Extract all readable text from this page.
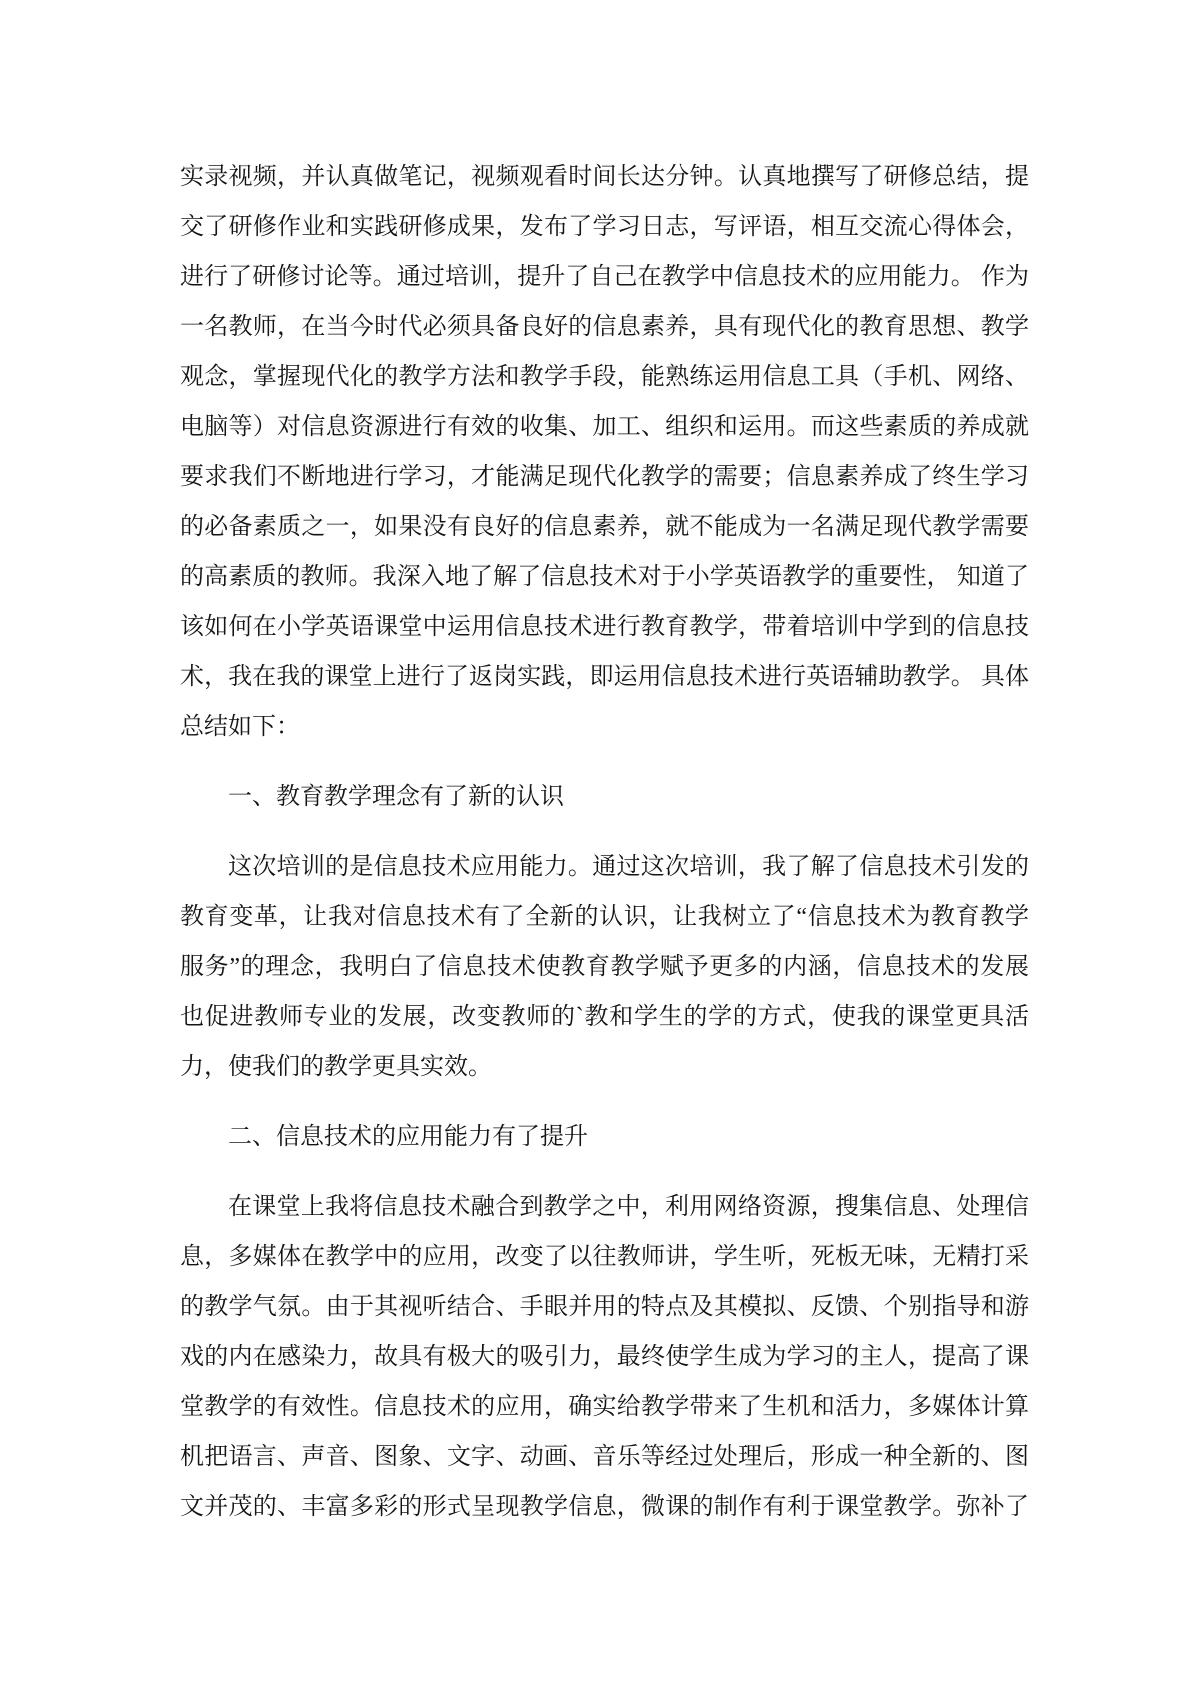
实录视频，并认真做笔记，视频观看时间长达分钟。认真地撰写了研修总结，提
交了研修作业和实践研修成果，发布了学习日志，写评语，相互交流心得体会，
进行了研修讨论等。通过培训，提升了自己在教学中信息技术的应用能力。 作为
一名教师，在当今时代必须具备良好的信息素养，具有现代化的教育思想、教学
观念，掌握现代化的教学方法和教学手段，能熟练运用信息工具（手机、网络、
电脑等）对信息资源进行有效的收集、加工、组织和运用。而这些素质的养成就
要求我们不断地进行学习，才能满足现代化教学的需要；信息素养成了终生学习
的必备素质之一，如果没有良好的信息素养，就不能成为一名满足现代教学需要
的高素质的教师。我深入地了解了信息技术对于小学英语教学的重要性， 知道了
该如何在小学英语课堂中运用信息技术进行教育教学，带着培训中学到的信息技
术，我在我的课堂上进行了返岗实践，即运用信息技术进行英语辅助教学。 具体
总结如下：
一、教育教学理念有了新的认识
这次培训的是信息技术应用能力。通过这次培训，我了解了信息技术引发的
教育变革，让我对信息技术有了全新的认识，让我树立了“信息技术为教育教学
服务”的理念，我明白了信息技术使教育教学赋予更多的内涵，信息技术的发展
也促进教师专业的发展，改变教师的`教和学生的学的方式，使我的课堂更具活
力，使我们的教学更具实效。
二、信息技术的应用能力有了提升
在课堂上我将信息技术融合到教学之中，利用网络资源，搜集信息、处理信
息，多媒体在教学中的应用，改变了以往教师讲，学生听，死板无味，无精打采
的教学气氛。由于其视听结合、手眼并用的特点及其模拟、反馈、个别指导和游
戏的内在感染力，故具有极大的吸引力，最终使学生成为学习的主人，提高了课
堂教学的有效性。信息技术的应用，确实给教学带来了生机和活力，多媒体计算
机把语言、声音、图象、文字、动画、音乐等经过处理后，形成一种全新的、图
文并茂的、丰富多彩的形式呈现教学信息，微课的制作有利于课堂教学。弥补了
